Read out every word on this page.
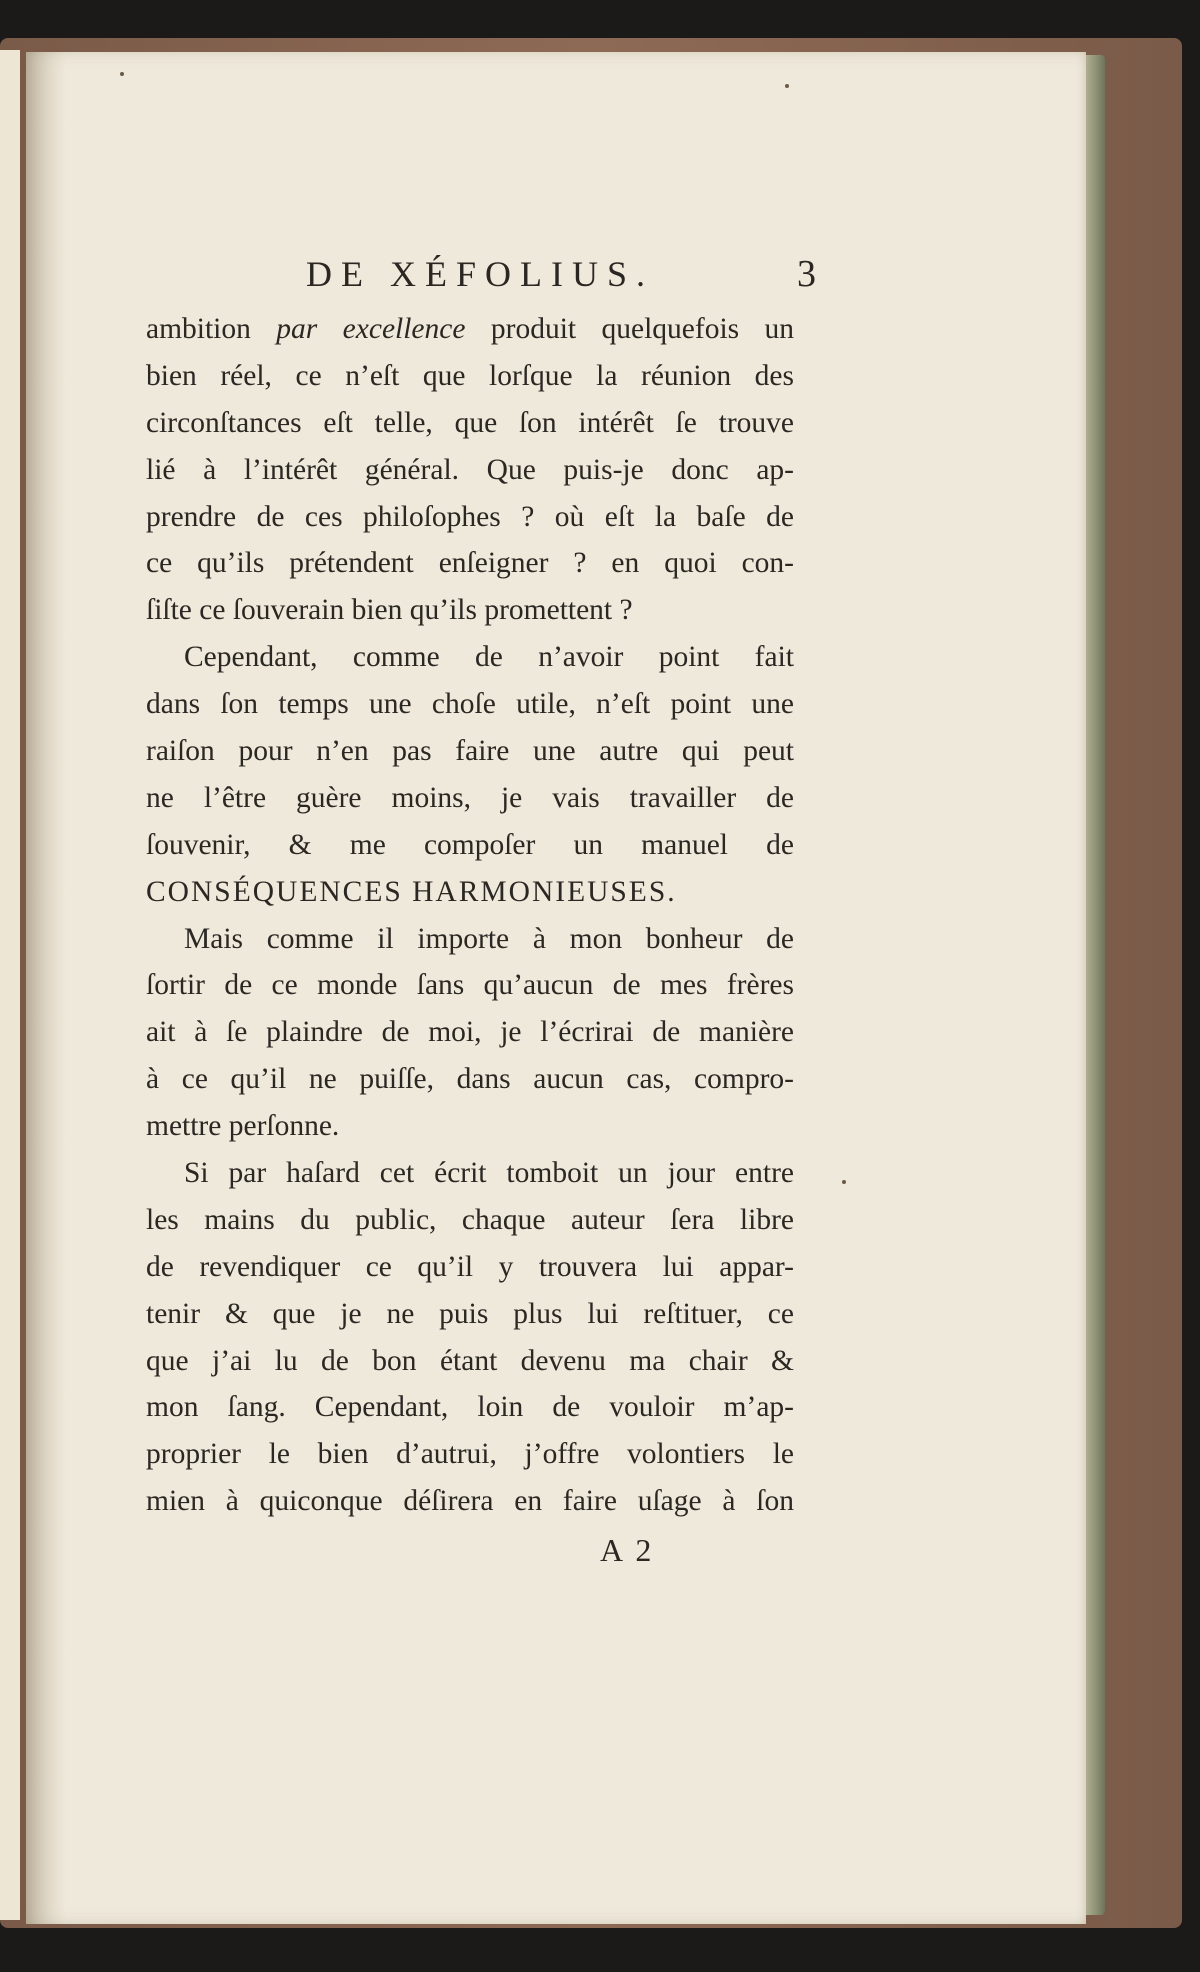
DE XÉFOLIUS.	3
ambition par excellence produit quelquefois un
bien réel, ce n’eſt que lorſque la réunion des
circonſtances eſt telle, que ſon intérêt ſe trouve
lié à l’intérêt général. Que puis-je donc ap-
prendre de ces philoſophes ? où eſt la baſe de
ce qu’ils prétendent enſeigner ? en quoi con-
ſiſte ce ſouverain bien qu’ils promettent ?
Cependant, comme de n’avoir point fait
dans ſon temps une choſe utile, n’eſt point une
raiſon pour n’en pas faire une autre qui peut
ne l’être guère moins, je vais travailler de
ſouvenir, & me compoſer un manuel de
CONSÉQUENCES HARMONIEUSES.
Mais comme il importe à mon bonheur de
ſortir de ce monde ſans qu’aucun de mes frères
ait à ſe plaindre de moi, je l’écrirai de manière
à ce qu’il ne puiſſe, dans aucun cas, compro-
mettre perſonne.
Si par haſard cet écrit tomboit un jour entre
les mains du public, chaque auteur ſera libre
de revendiquer ce qu’il y trouvera lui appar-
tenir & que je ne puis plus lui reſtituer, ce
que j’ai lu de bon étant devenu ma chair &
mon ſang. Cependant, loin de vouloir m’ap-
proprier le bien d’autrui, j’offre volontiers le
mien à quiconque déſirera en faire uſage à ſon
A 2
